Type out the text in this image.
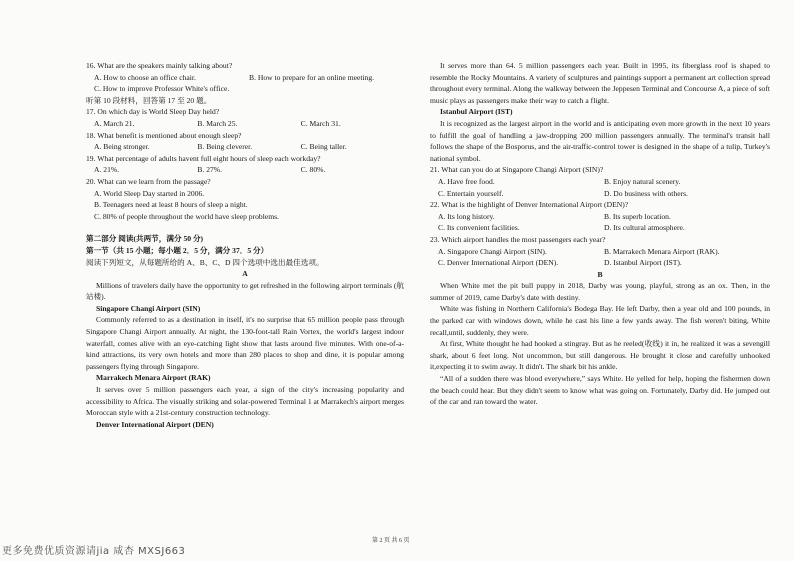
16. What are the speakers mainly talking about?

A. How to choose an office chair.	B. How to prepare for an online meeting.

C. How to improve Professor White's office.

听第 10 段材料，回答第 17 至 20 题。

17. On which day is World Sleep Day held?

A. March 21.	B. March 25.	C. March 31.

18. What benefit is mentioned about enough sleep?

A. Being stronger.	B. Being cleverer.	C. Being taller.

19. What percentage of adults havent full eight hours of sleep each workday?

A. 21%.	B. 27%.	C. 80%.

20. What can we learn from the passage?

A. World Sleep Day started in 2006.

B. Teenagers need at least 8 hours of sleep a night.

C. 80% of people throughout the world have sleep problems.

第二部分 阅读(共两节，满分 50 分)

第一节（共 15 小题；每小题 2．5 分，满分 37．5 分）

阅读下列短文，从每题所给的 A、B、C、D 四个选项中选出最佳选项。

A

Millions of travelers daily have the opportunity to get refreshed in the following airport terminals (航站楼).

Singapore Changi Airport (SIN)

Commonly referred to as a destination in itself, it's no surprise that 65 million people pass through Singapore Changi Airport annually. At night, the 130-foot-tall Rain Vortex, the world's largest indoor waterfall, comes alive with an eye-catching light show that lasts around five minutes. With one-of-a-kind attractions, its very own hotels and more than 280 places to shop and dine, it is popular among passengers flying through Singapore.

Marrakech Menara Airport (RAK)

It serves over 5 million passengers each year, a sign of the city's increasing popularity and accessibility to Africa. The visually striking and solar-powered Terminal 1 at Marrakech's airport merges Moroccan style with a 21st-century construction technology.

Denver International Airport (DEN)

It serves more than 64. 5 million passengers each year. Built in 1995, its fiberglass roof is shaped to resemble the Rocky Mountains. A variety of sculptures and paintings support a permanent art collection spread throughout every terminal. Along the walkway between the Jeppesen Terminal and Concourse A, a piece of soft music plays as passengers make their way to catch a flight.

Istanbul Airport (IST)

It is recognized as the largest airport in the world and is anticipating even more growth in the next 10 years to fulfill the goal of handling a jaw-dropping 200 million passengers annually. The terminal's transit hall follows the shape of the Bosporus, and the air-traffic-control tower is designed in the shape of a tulip, Turkey's national symbol.

21. What can you do at Singapore Changi Airport (SIN)?

A. Have free food.	B. Enjoy natural scenery.
C. Entertain yourself.	D. Do business with others.

22. What is the highlight of Denver International Airport (DEN)?

A. Its long history.	B. Its superb location.
C. Its convenient facilities.	D. Its cultural atmosphere.

23. Which airport handles the most passengers each year?

A. Singapore Changi Airport (SIN).	B. Marrakech Menara Airport (RAK).
C. Denver International Airport (DEN).	D. Istanbul Airport (IST).

B

When White met the pit bull puppy in 2018, Darby was young, playful, strong as an ox. Then, in the summer of 2019, came Darby's date with destiny.

White was fishing in Northern California's Bodega Bay. He left Darby, then a year old and 100 pounds, in the parked car with windows down, while he cast his line a few yards away. The fish weren't biting, White recall,until, suddenly, they were.

At first, White thought he had hooked a stingray. But as he reeled(收线) it in, he realized it was a sevengill shark, about 6 feet long. Not uncommon, but still dangerous. He brought it close and carefully unhooked it,expecting it to swim away. It didn't. The shark bit his ankle.

“All of a sudden there was blood everywhere,” says White. He yelled for help, hoping the fishermen down the beach could hear. But they didn't seem to know what was going on. Fortunately, Darby did. He jumped out of the car and ran toward the water.

第 2 页 共 6 页
更多免费优质资源请jia 咸杏 MXSJ663
